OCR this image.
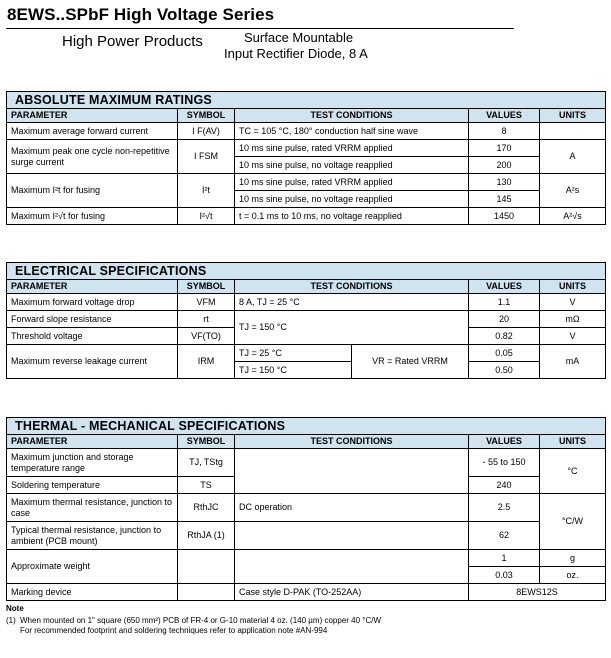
8EWS..SPbF High Voltage Series
High Power Products	Surface Mountable
Input Rectifier Diode, 8 A
ABSOLUTE MAXIMUM RATINGS				
PARAMETER	SYMBOL	TEST CONDITIONS	VALUES	UNITS
Maximum average forward current	I F(AV)	TC = 105 °C, 180° conduction half sine wave	8	
Maximum peak one cycle non-repetitive surge current	I FSM	10 ms sine pulse, rated VRRM applied	170	A
		10 ms sine pulse, no voltage reapplied	200	
Maximum I²t for fusing	I²t	10 ms sine pulse, rated VRRM applied	130	A²s
		10 ms sine pulse, no voltage reapplied	145	
Maximum I²√t for fusing	I²√t	t = 0.1 ms to 10 ms, no voltage reapplied	1450	A²√s
ELECTRICAL SPECIFICATIONS					
PARAMETER	SYMBOL	TEST CONDITIONS		VALUES	UNITS
Maximum forward voltage drop	VFM	8 A, TJ = 25 °C		1.1	V
Forward slope resistance	rt	TJ = 150 °C		20	mΩ
Threshold voltage	VF(TO)			0.82	V
Maximum reverse leakage current	IRM	TJ = 25 °C	VR = Rated VRRM	0.05	mA
		TJ = 150 °C		0.50	
THERMAL - MECHANICAL SPECIFICATIONS				
PARAMETER	SYMBOL	TEST CONDITIONS	VALUES	UNITS
Maximum junction and storage temperature range	TJ, TStg		- 55 to 150	°C
Soldering temperature	TS		240	
Maximum thermal resistance, junction to case	RthJC	DC operation	2.5	°C/W
Typical thermal resistance, junction to ambient (PCB mount)	RthJA (1)		62	
Approximate weight			1	g
			0.03	oz.
Marking device		Case style D-PAK (TO-252AA)	8EWS12S	
Note
(1) When mounted on 1" square (650 mm²) PCB of FR-4 or G-10 material 4 oz. (140 µm) copper 40 °C/W
For recommended footprint and soldering techniques refer to application note #AN-994
